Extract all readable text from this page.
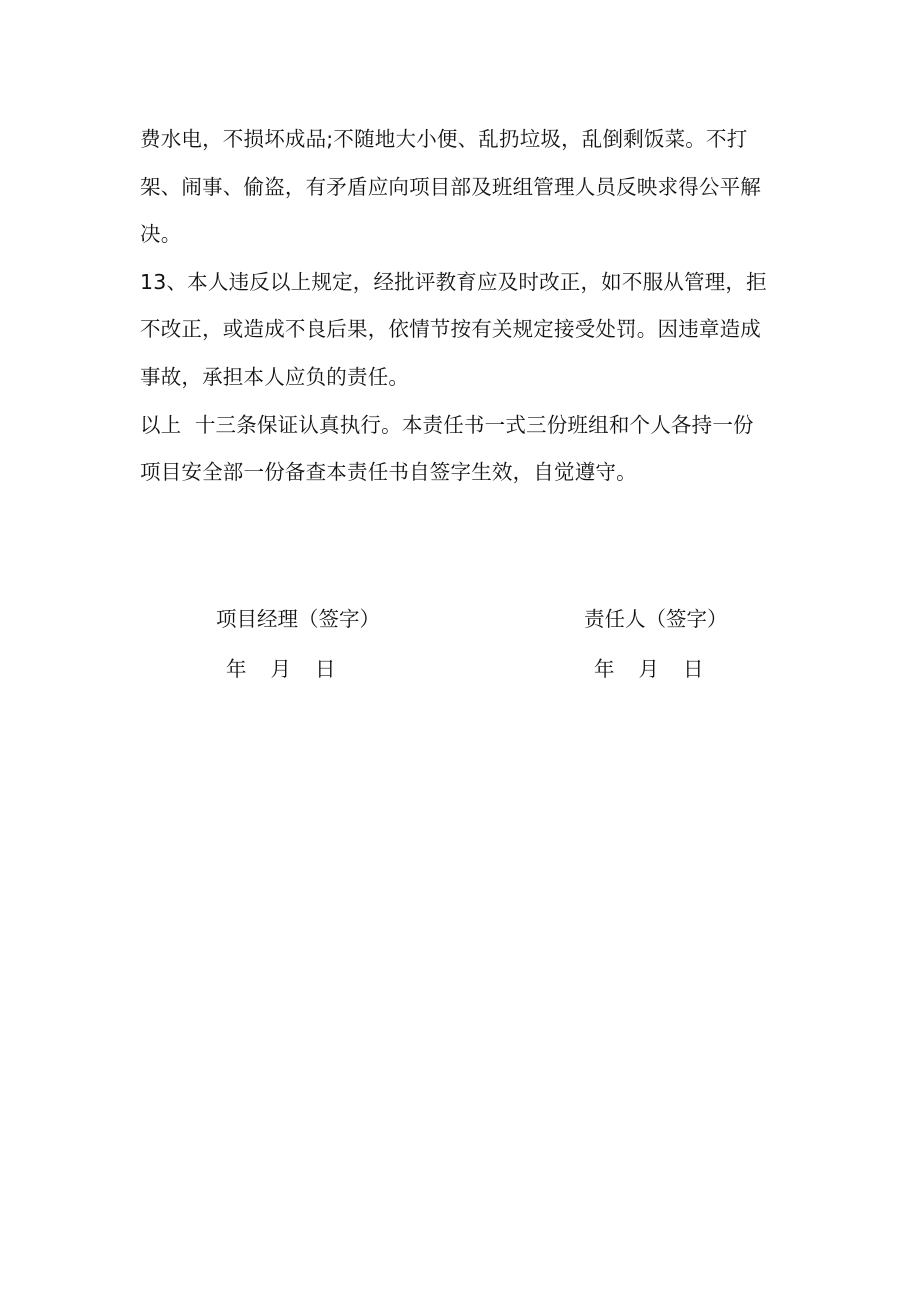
费水电，不损坏成品;不随地大小便、乱扔垃圾，乱倒剩饭菜。不打
架、闹事、偷盗，有矛盾应向项目部及班组管理人员反映求得公平解
决。
13、本人违反以上规定，经批评教育应及时改正，如不服从管理，拒
不改正，或造成不良后果，依情节按有关规定接受处罚。因违章造成
事故，承担本人应负的责任。
以上  十三条保证认真执行。本责任书一式三份班组和个人各持一份
项目安全部一份备查本责任书自签字生效，自觉遵守。
项目经理（签字）	责任人（签字）
年 月 日	年 月 日
